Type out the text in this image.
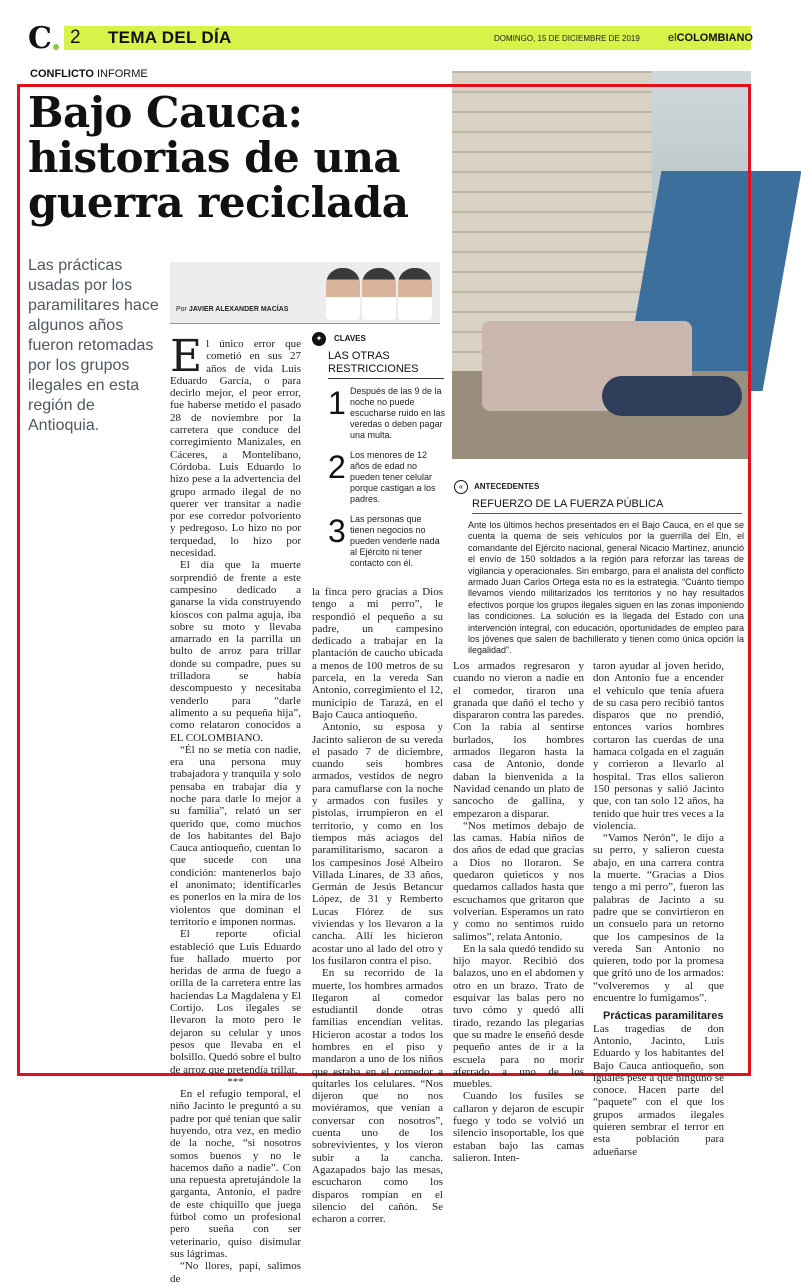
C 2 TEMA DEL DÍA	DOMINGO, 15 DE DICIEMBRE DE 2019	elCOLOMBIANO
CONFLICTO INFORME
Bajo Cauca: historias de una guerra reciclada
Las prácticas usadas por los paramilitares hace algunos años fueron retomadas por los grupos ilegales en esta región de Antioquia.
Por JAVIER ALEXANDER MACÍAS
E l único error que cometió en sus 27 años de vida Luis Eduardo García, o para decirlo mejor, el peor error, fue haberse metido el pasado 28 de noviembre por la carretera que conduce del corregimiento Manizales, en Cáceres, a Montelíbano, Córdoba. Luis Eduardo lo hizo pese a la advertencia del grupo armado ilegal de no querer ver transitar a nadie por ese corredor polvoriento y pedregoso. Lo hizo no por terquedad, lo hizo por necesidad.

El día que la muerte sorprendió de frente a este campesino dedicado a ganarse la vida construyendo kioscos con palma aguja, iba sobre su moto y llevaba amarrado en la parrilla un bulto de arroz para trillar donde su compadre, pues su trilladora se había descompuesto y necesitaba venderlo para “darle alimento a su pequeña hija”, como relataron conocidos a EL COLOMBIANO.

“Él no se metía con nadie, era una persona muy trabajadora y tranquila y solo pensaba en trabajar día y noche para darle lo mejor a su familia”, relató un ser querido que, como muchos de los habitantes del Bajo Cauca antioqueño, cuentan lo que sucede con una condición: mantenerlos bajo el anonimato; identificarles es ponerlos en la mira de los violentos que dominan el territorio e imponen normas.

El reporte oficial estableció que Luis Eduardo fue hallado muerto por heridas de arma de fuego a orilla de la carretera entre las haciendas La Magdalena y El Cortijo. Los ilegales se llevaron la moto pero le dejaron su celular y unos pesos que llevaba en el bolsillo. Quedó sobre el bulto de arroz que pretendía trillar.

***

En el refugio temporal, el niño Jacinto le preguntó a su padre por qué tenían que salir huyendo, otra vez, en medio de la noche, “si nosotros somos buenos y no le hacemos daño a nadie”. Con una repuesta apretujándole la garganta, Antonio, el padre de este chiquillo que juega fútbol como un profesional pero sueña con ser veterinario, quiso disimular sus lágrimas.

“No llores, papi, salimos de

✦	CLAVES
LAS OTRAS RESTRICCIONES
1 Después de las 9 de la noche no puede escucharse ruido en las veredas o deben pagar una multa.
2 Los menores de 12 años de edad no pueden tener celular porque castigan a los padres.
3 Las personas que tienen negocios no pueden venderle nada al Ejército ni tener contacto con él.

la finca pero gracias a Dios tengo a mi perro”, le respondió el pequeño a su padre, un campesino dedicado a trabajar en la plantación de caucho ubicada a menos de 100 metros de su parcela, en la vereda San Antonio, corregimiento el 12, municipio de Tarazá, en el Bajo Cauca antioqueño.

Antonio, su esposa y Jacinto salieron de su vereda el pasado 7 de diciembre, cuando seis hombres armados, vestidos de negro para camuflarse con la noche y armados con fusiles y pistolas, irrumpieron en el territorio, y como en los tiempos más aciagos del paramilitarismo, sacaron a los campesinos José Albeiro Villada Linares, de 33 años, Germán de Jesús Betancur López, de 31 y Remberto Lucas Flórez de sus viviendas y los llevaron a la cancha. Allí les hicieron acostar uno al lado del otro y los fusilaron contra el piso.

En su recorrido de la muerte, los hombres armados llegaron al comedor estudiantil donde otras familias encendían velitas. Hicieron acostar a todos los hombres en el piso y mandaron a uno de los niños que estaba en el comedor a quitarles los celulares. “Nos dijeron que no nos moviéramos, que venían a conversar con nosotros”, cuenta uno de los sobrevivientes, y los vieron subir a la cancha. Agazapados bajo las mesas, escucharon como los disparos rompían en el silencio del cañón. Se echaron a correr.

«	ANTECEDENTES
REFUERZO DE LA FUERZA PÚBLICA
Ante los últimos hechos presentados en el Bajo Cauca, en el que se cuenta la quema de seis vehículos por la guerrilla del Eln, el comandante del Ejército nacional, general Nicacio Martínez, anunció el envío de 150 soldados a la región para reforzar las tareas de vigilancia y operacionales. Sin embargo, para el analista del conflicto armado Juan Carlos Ortega esta no es la estrategia. “Cuánto tiempo llevamos viendo militarizados los territorios y no hay resultados efectivos porque los grupos ilegales siguen en las zonas imponiendo las condiciones. La solución es la llegada del Estado con una intervención integral, con educación, oportunidades de empleo para los jóvenes que salen de bachillerato y tienen como única opción la ilegalidad”.

Los armados regresaron y cuando no vieron a nadie en el comedor, tiraron una granada que dañó el techo y dispararon contra las paredes. Con la rabia al sentirse burlados, los hombres armados llegaron hasta la casa de Antonio, donde daban la bienvenida a la Navidad cenando un plato de sancocho de gallina, y empezaron a disparar.

“Nos metimos debajo de las camas. Había niños de dos años de edad que gracias a Dios no lloraron. Se quedaron quieticos y nos quedamos callados hasta que escuchamos que gritaron que volverían. Esperamos un rato y como no sentimos ruido salimos”, relata Antonio.

En la sala quedó tendido su hijo mayor. Recibió dos balazos, uno en el abdomen y otro en un brazo. Trato de esquivar las balas pero no tuvo cómo y quedó allí tirado, rezando las plegarias que su madre le enseñó desde pequeño antes de ir a la escuela para no morir aferrado a uno de los muebles.

Cuando los fusiles se callaron y dejaron de escupir fuego y todo se volvió un silencio insoportable, los que estaban bajo las camas salieron. Inten-

taron ayudar al joven herido, don Antonio fue a encender el vehículo que tenía afuera de su casa pero recibió tantos disparos que no prendió, entonces varios hombres cortaron las cuerdas de una hamaca colgada en el zaguán y corrieron a llevarlo al hospital. Tras ellos salieron 150 personas y salió Jacinto que, con tan solo 12 años, ha tenido que huir tres veces a la violencia.

“Vamos Nerón”, le dijo a su perro, y salieron cuesta abajo, en una carrera contra la muerte. “Gracias a Dios tengo a mi perro”, fueron las palabras de Jacinto a su padre que se convirtieron en un consuelo para un retorno que los campesinos de la vereda San Antonio no quieren, todo por la promesa que gritó uno de los armados: “volveremos y al que encuentre lo fumigamos”.

Prácticas paramilitares

Las tragedias de don Antonio, Jacinto, Luis Eduardo y los habitantes del Bajo Cauca antioqueño, son iguales pese a que ninguno se conoce. Hacen parte del “paquete” con el que los grupos armados ilegales quieren sembrar el terror en esta población para adueñarse
